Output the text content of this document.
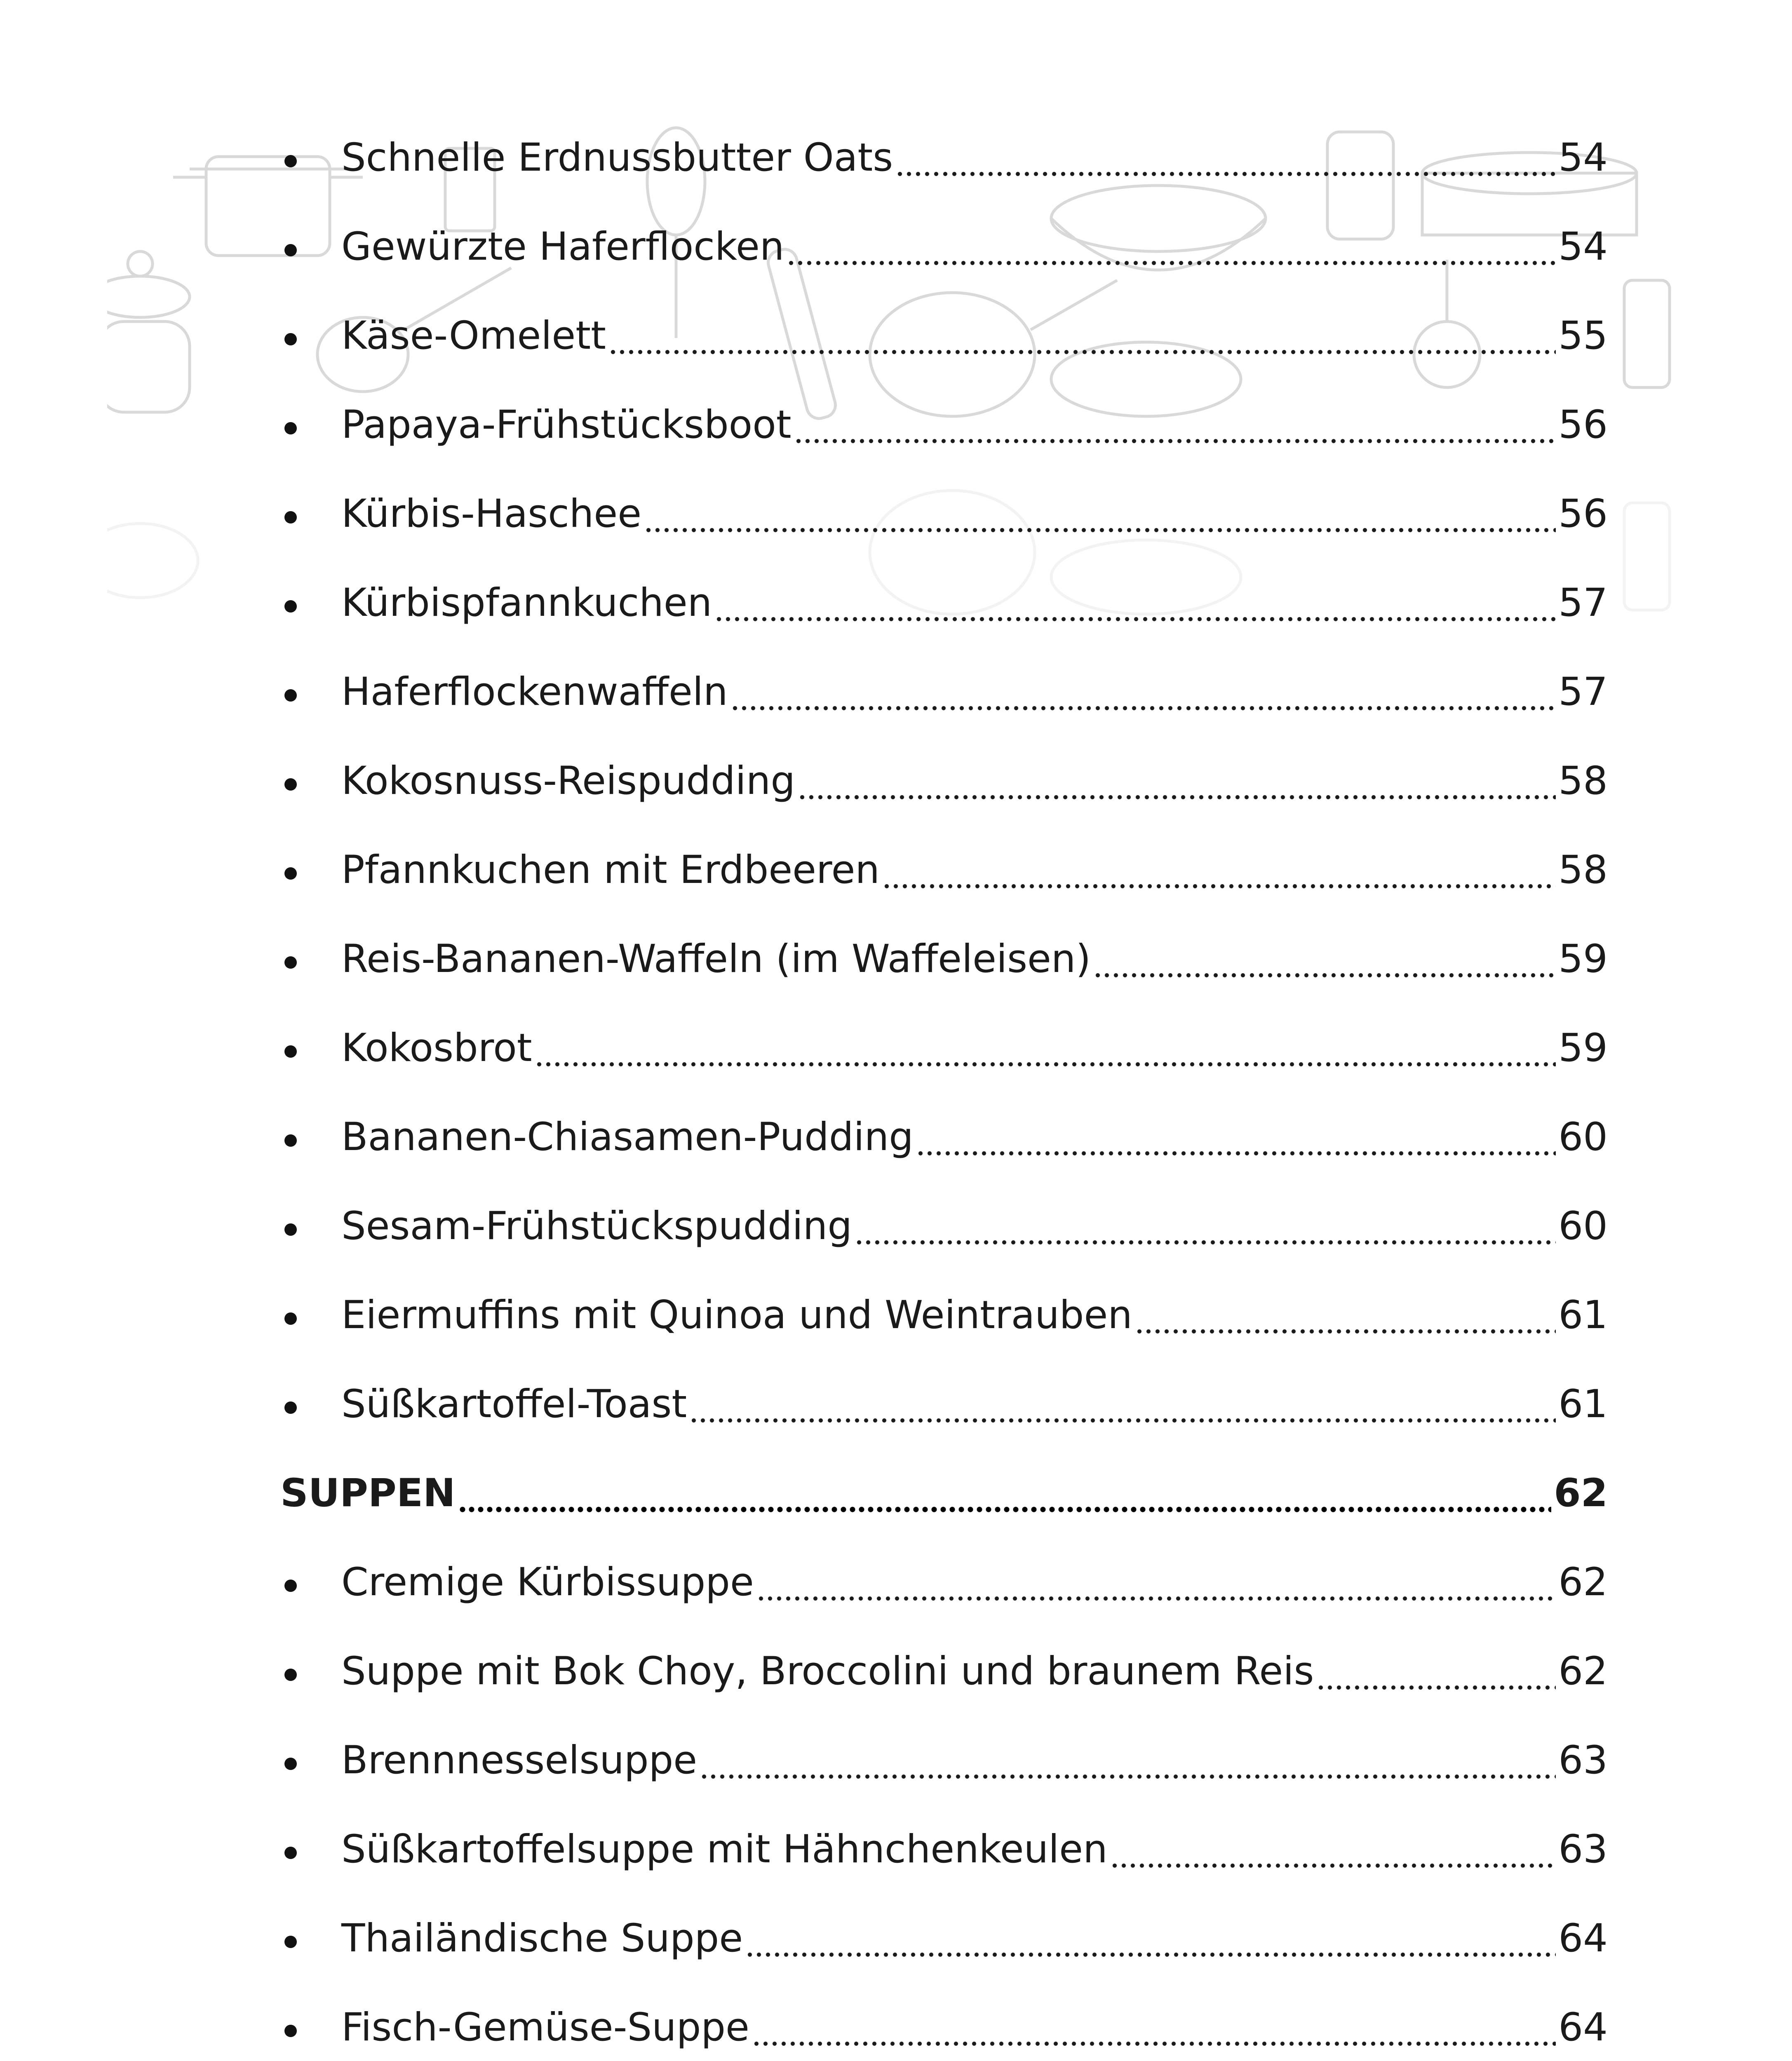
Schnelle Erdnussbutter Oats	54
Gewürzte Haferflocken	54
Käse-Omelett	55
Papaya-Frühstücksboot	56
Kürbis-Haschee	56
Kürbispfannkuchen	57
Haferflockenwaffeln	57
Kokosnuss-Reispudding	58
Pfannkuchen mit Erdbeeren	58
Reis-Bananen-Waffeln (im Waffeleisen)	59
Kokosbrot	59
Bananen-Chiasamen-Pudding	60
Sesam-Frühstückspudding	60
Eiermuffins mit Quinoa und Weintrauben	61
Süßkartoffel-Toast	61
SUPPEN	62
Cremige Kürbissuppe	62
Suppe mit Bok Choy, Broccolini und braunem Reis	62
Brennnesselsuppe	63
Süßkartoffelsuppe mit Hähnchenkeulen	63
Thailändische Suppe	64
Fisch-Gemüse-Suppe	64
